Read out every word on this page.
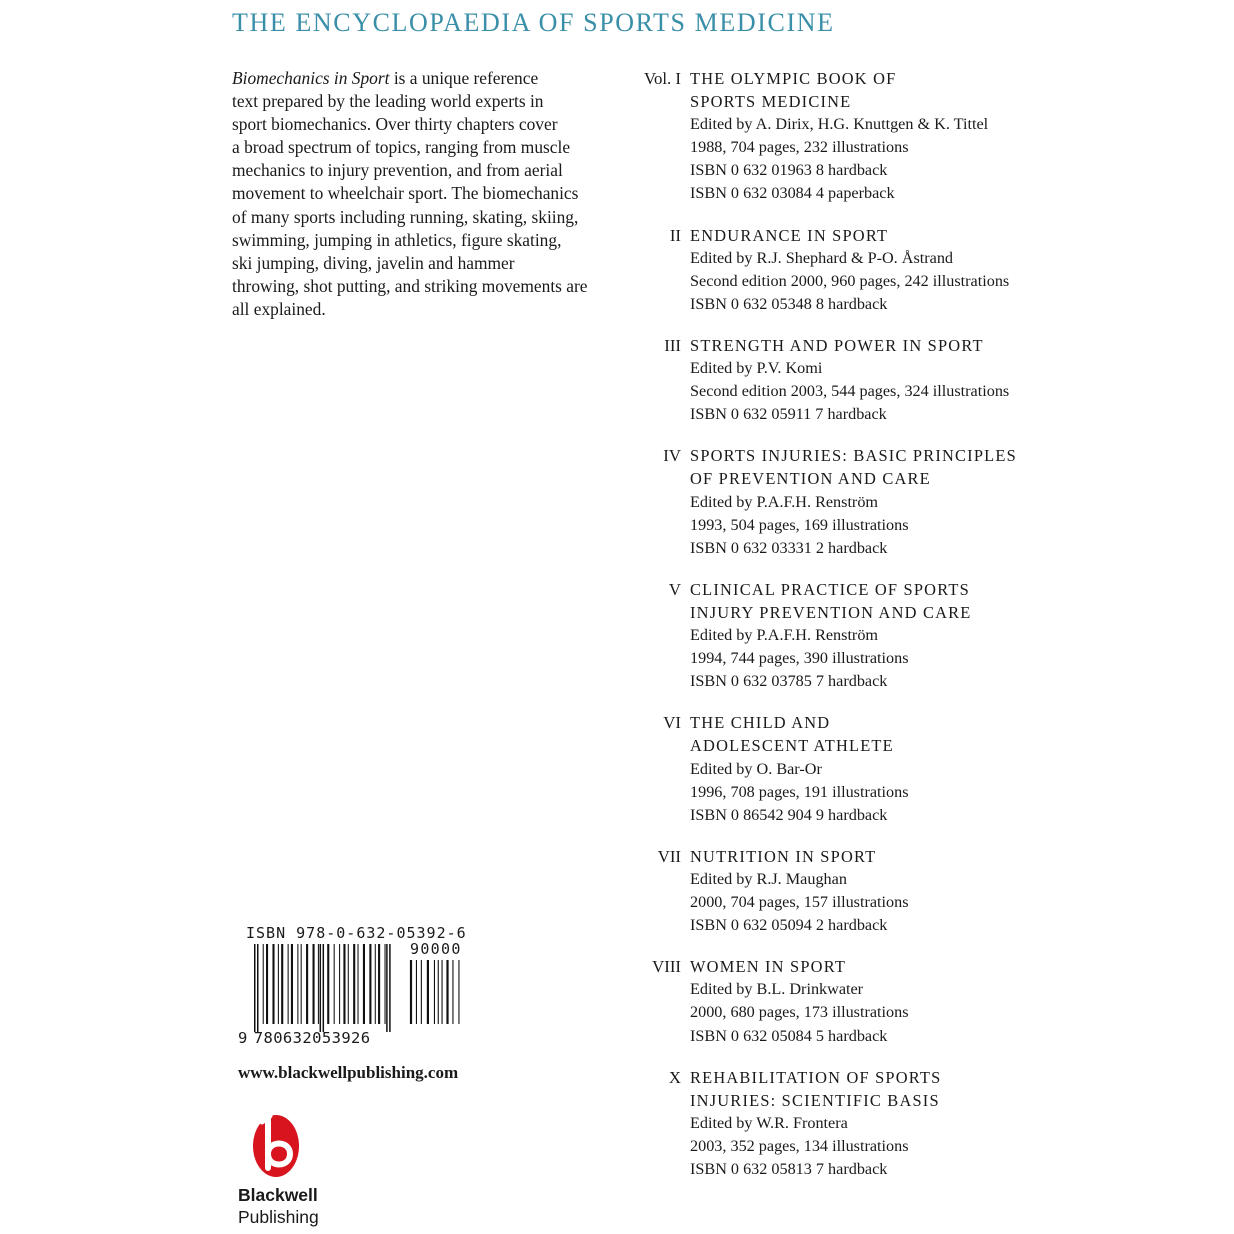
THE ENCYCLOPAEDIA OF SPORTS MEDICINE

Biomechanics in Sport is a unique reference
text prepared by the leading world experts in
sport biomechanics. Over thirty chapters cover
a broad spectrum of topics, ranging from muscle
mechanics to injury prevention, and from aerial
movement to wheelchair sport. The biomechanics
of many sports including running, skating, skiing,
swimming, jumping in athletics, figure skating,
ski jumping, diving, javelin and hammer
throwing, shot putting, and striking movements are
all explained.

Vol. I THE OLYMPIC BOOK OF
SPORTS MEDICINE
Edited by A. Dirix, H.G. Knuttgen & K. Tittel
1988, 704 pages, 232 illustrations
ISBN 0 632 01963 8 hardback
ISBN 0 632 03084 4 paperback
II ENDURANCE IN SPORT
Edited by R.J. Shephard & P-O. Åstrand
Second edition 2000, 960 pages, 242 illustrations
ISBN 0 632 05348 8 hardback
III STRENGTH AND POWER IN SPORT
Edited by P.V. Komi
Second edition 2003, 544 pages, 324 illustrations
ISBN 0 632 05911 7 hardback
IV SPORTS INJURIES: BASIC PRINCIPLES
OF PREVENTION AND CARE
Edited by P.A.F.H. Renström
1993, 504 pages, 169 illustrations
ISBN 0 632 03331 2 hardback
V CLINICAL PRACTICE OF SPORTS
INJURY PREVENTION AND CARE
Edited by P.A.F.H. Renström
1994, 744 pages, 390 illustrations
ISBN 0 632 03785 7 hardback
VI THE CHILD AND
ADOLESCENT ATHLETE
Edited by O. Bar-Or
1996, 708 pages, 191 illustrations
ISBN 0 86542 904 9 hardback
VII NUTRITION IN SPORT
Edited by R.J. Maughan
2000, 704 pages, 157 illustrations
ISBN 0 632 05094 2 hardback
VIII WOMEN IN SPORT
Edited by B.L. Drinkwater
2000, 680 pages, 173 illustrations
ISBN 0 632 05084 5 hardback
X REHABILITATION OF SPORTS
INJURIES: SCIENTIFIC BASIS
Edited by W.R. Frontera
2003, 352 pages, 134 illustrations
ISBN 0 632 05813 7 hardback
ISBN 978-0-632-05392-6
90000
9 780632053926
www.blackwellpublishing.com
Blackwell
Publishing
